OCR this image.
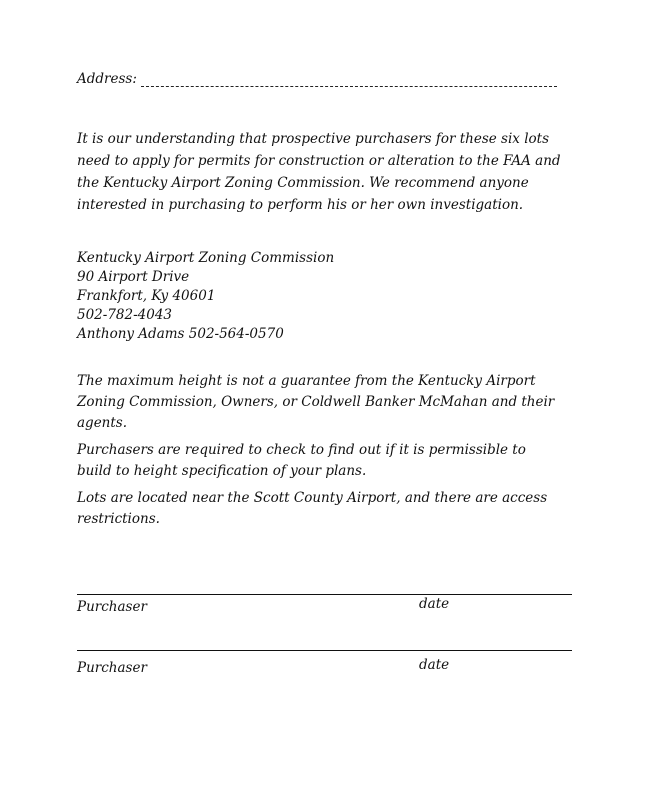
Address:

It is our understanding that prospective purchasers for these six lots need to apply for permits for construction or alteration to the FAA and the Kentucky Airport Zoning Commission. We recommend anyone interested in purchasing to perform his or her own investigation.

Kentucky Airport Zoning Commission
90 Airport Drive
Frankfort, Ky 40601
502-782-4043
Anthony Adams 502-564-0570

The maximum height is not a guarantee from the Kentucky Airport Zoning Commission, Owners, or Coldwell Banker McMahan and their agents.

Purchasers are required to check to find out if it is permissible to build to height specification of your plans.

Lots are located near the Scott County Airport, and there are access restrictions.

Purchaser	date
Purchaser	date
